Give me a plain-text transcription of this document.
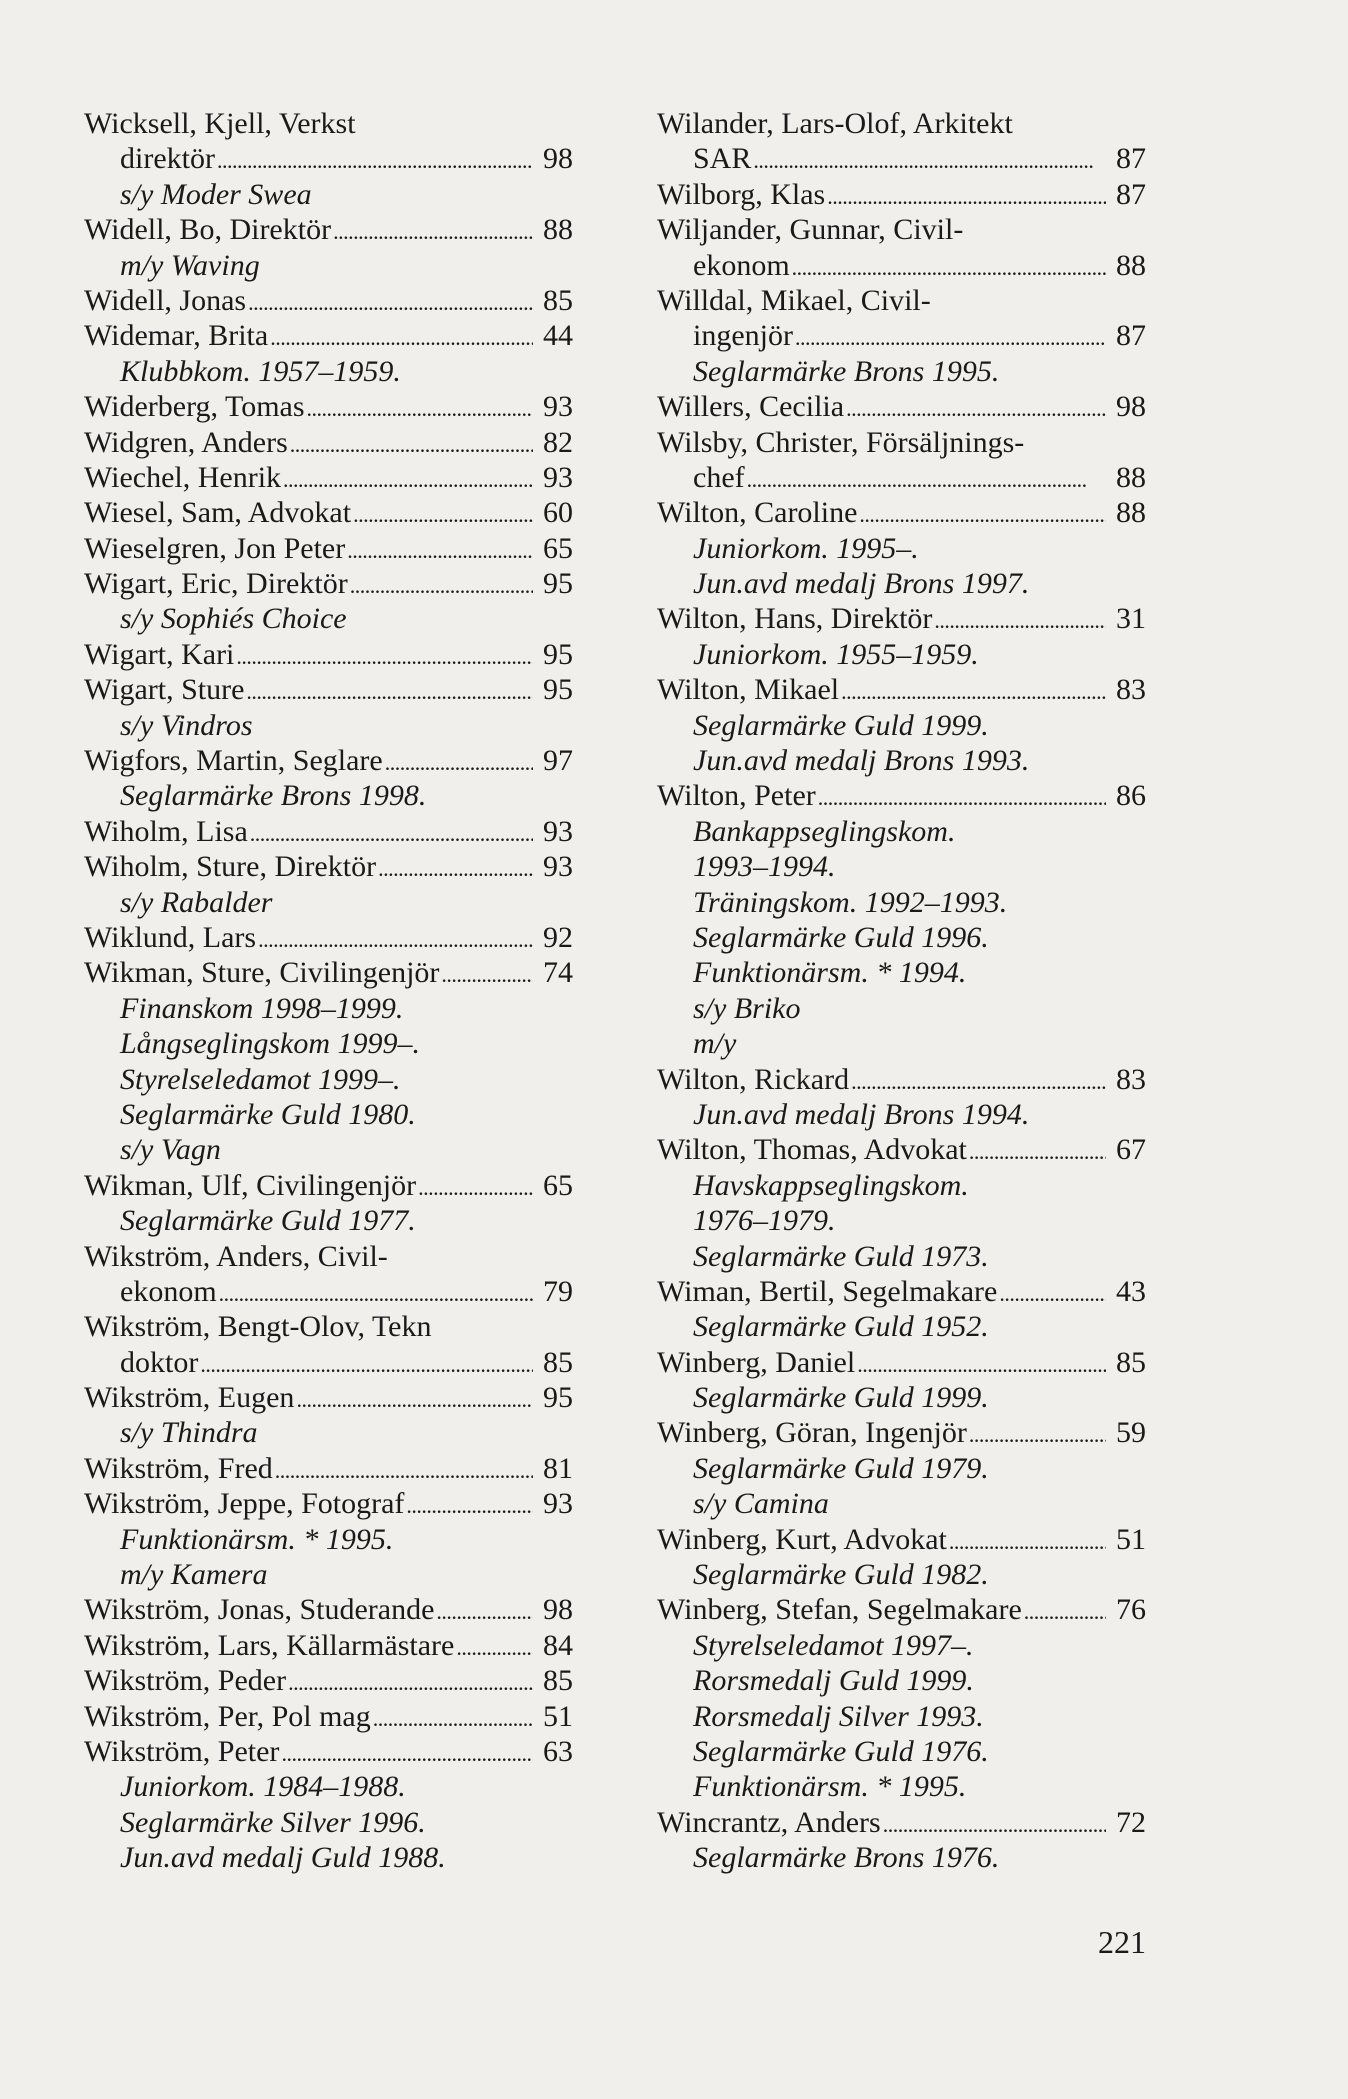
Wicksell, Kjell, Verkst
direktör . . .	98
s/y Moder Swea
Widell, Bo, Direktör . . .	88
m/y Waving
Widell, Jonas . . .	85
Widemar, Brita . . .	44
Klubbkom. 1957–1959.
Widerberg, Tomas . . .	93
Widgren, Anders . . .	82
Wiechel, Henrik . . .	93
Wiesel, Sam, Advokat . . .	60
Wieselgren, Jon Peter . . .	65
Wigart, Eric, Direktör . . .	95
s/y Sophiés Choice
Wigart, Kari . . .	95
Wigart, Sture . . .	95
s/y Vindros
Wigfors, Martin, Seglare . . .	97
Seglarmärke Brons 1998.
Wiholm, Lisa . . .	93
Wiholm, Sture, Direktör . . .	93
s/y Rabalder
Wiklund, Lars . . .	92
Wikman, Sture, Civilingenjör . . .	74
Finanskom 1998–1999.
Långseglingskom 1999–.
Styrelseledamot 1999–.
Seglarmärke Guld 1980.
s/y Vagn
Wikman, Ulf, Civilingenjör . . .	65
Seglarmärke Guld 1977.
Wikström, Anders, Civil-
ekonom . . .	79
Wikström, Bengt-Olov, Tekn
doktor . . .	85
Wikström, Eugen . . .	95
s/y Thindra
Wikström, Fred . . .	81
Wikström, Jeppe, Fotograf . . .	93
Funktionärsm. * 1995.
m/y Kamera
Wikström, Jonas, Studerande . . .	98
Wikström, Lars, Källarmästare . . .	84
Wikström, Peder . . .	85
Wikström, Per, Pol mag . . .	51
Wikström, Peter . . .	63
Juniorkom. 1984–1988.
Seglarmärke Silver 1996.
Jun.avd medalj Guld 1988.
Wilander, Lars-Olof, Arkitekt
SAR . . .	87
Wilborg, Klas . . .	87
Wiljander, Gunnar, Civil-
ekonom . . .	88
Willdal, Mikael, Civil-
ingenjör . . .	87
Seglarmärke Brons 1995.
Willers, Cecilia . . .	98
Wilsby, Christer, Försäljnings-
chef . . .	88
Wilton, Caroline . . .	88
Juniorkom. 1995–.
Jun.avd medalj Brons 1997.
Wilton, Hans, Direktör . . .	31
Juniorkom. 1955–1959.
Wilton, Mikael . . .	83
Seglarmärke Guld 1999.
Jun.avd medalj Brons 1993.
Wilton, Peter . . .	86
Bankappseglingskom.
1993–1994.
Träningskom. 1992–1993.
Seglarmärke Guld 1996.
Funktionärsm. * 1994.
s/y Briko
m/y
Wilton, Rickard . . .	83
Jun.avd medalj Brons 1994.
Wilton, Thomas, Advokat . . .	67
Havskappseglingskom.
1976–1979.
Seglarmärke Guld 1973.
Wiman, Bertil, Segelmakare . . .	43
Seglarmärke Guld 1952.
Winberg, Daniel . . .	85
Seglarmärke Guld 1999.
Winberg, Göran, Ingenjör . . .	59
Seglarmärke Guld 1979.
s/y Camina
Winberg, Kurt, Advokat . . .	51
Seglarmärke Guld 1982.
Winberg, Stefan, Segelmakare . . .	76
Styrelseledamot 1997–.
Rorsmedalj Guld 1999.
Rorsmedalj Silver 1993.
Seglarmärke Guld 1976.
Funktionärsm. * 1995.
Wincrantz, Anders . . .	72
Seglarmärke Brons 1976.
221
